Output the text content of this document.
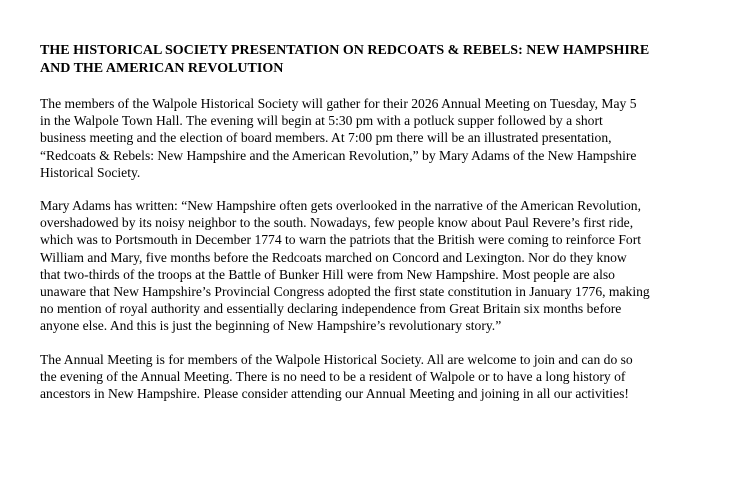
THE HISTORICAL SOCIETY PRESENTATION ON REDCOATS & REBELS: NEW HAMPSHIRE
AND THE AMERICAN REVOLUTION

The members of the Walpole Historical Society will gather for their 2026 Annual Meeting on Tuesday, May 5
in the Walpole Town Hall. The evening will begin at 5:30 pm with a potluck supper followed by a short
business meeting and the election of board members. At 7:00 pm there will be an illustrated presentation,
“Redcoats & Rebels: New Hampshire and the American Revolution,” by Mary Adams of the New Hampshire
Historical Society.

Mary Adams has written: “New Hampshire often gets overlooked in the narrative of the American Revolution,
overshadowed by its noisy neighbor to the south. Nowadays, few people know about Paul Revere’s first ride,
which was to Portsmouth in December 1774 to warn the patriots that the British were coming to reinforce Fort
William and Mary, five months before the Redcoats marched on Concord and Lexington. Nor do they know
that two-thirds of the troops at the Battle of Bunker Hill were from New Hampshire. Most people are also
unaware that New Hampshire’s Provincial Congress adopted the first state constitution in January 1776, making
no mention of royal authority and essentially declaring independence from Great Britain six months before
anyone else. And this is just the beginning of New Hampshire’s revolutionary story.”

The Annual Meeting is for members of the Walpole Historical Society. All are welcome to join and can do so
the evening of the Annual Meeting. There is no need to be a resident of Walpole or to have a long history of
ancestors in New Hampshire. Please consider attending our Annual Meeting and joining in all our activities!
